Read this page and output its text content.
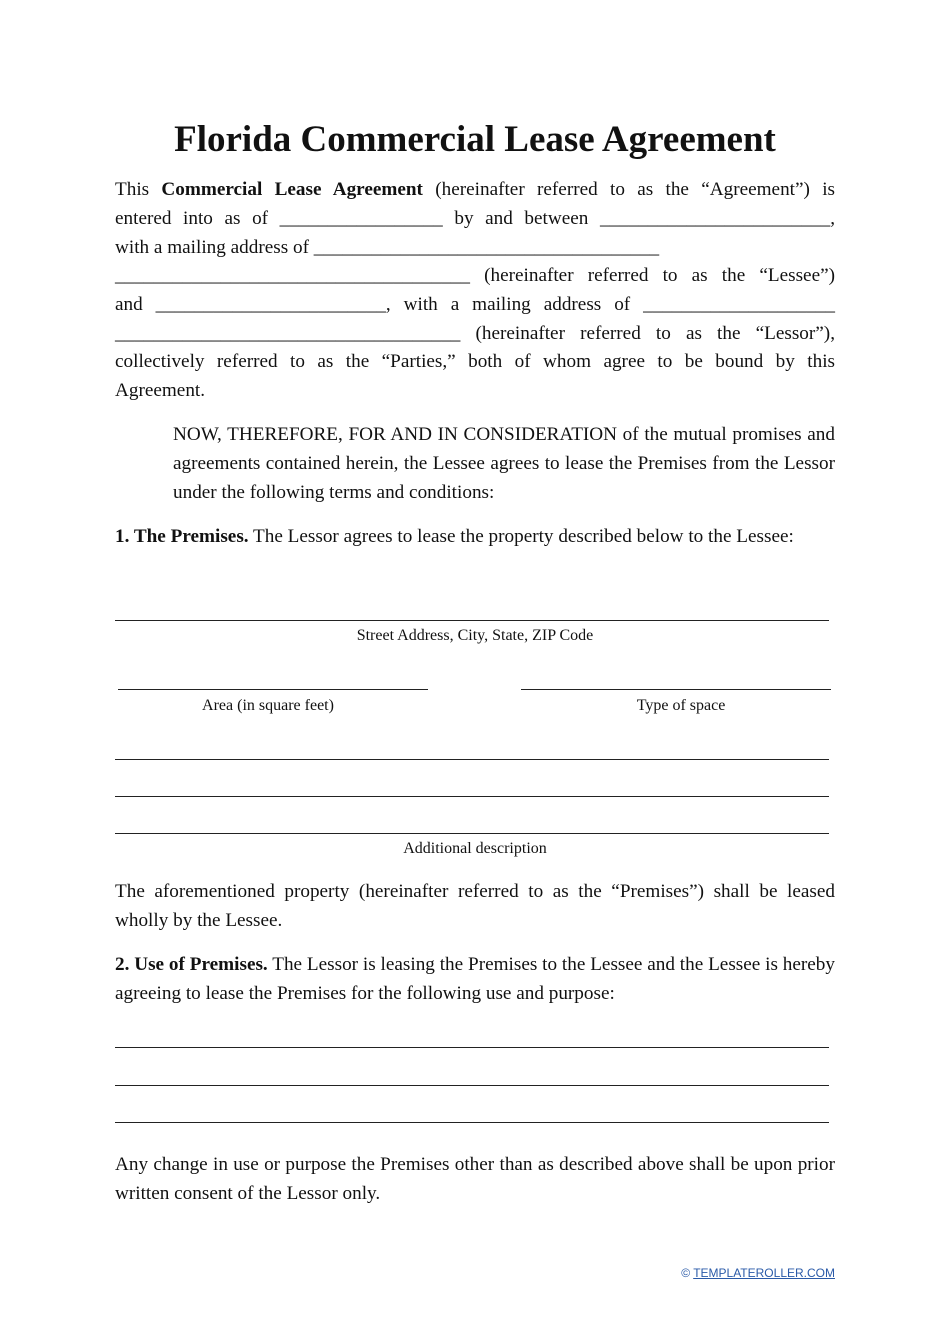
Florida Commercial Lease Agreement
This Commercial Lease Agreement (hereinafter referred to as the “Agreement”) is
entered into as of _________________ by and between ________________________,
with a mailing address of ____________________________________
_____________________________________ (hereinafter referred to as the “Lessee”)
and ________________________, with a mailing address of ____________________
____________________________________ (hereinafter referred to as the “Lessor”),
collectively referred to as the “Parties,” both of whom agree to be bound by this
Agreement.

NOW, THEREFORE, FOR AND IN CONSIDERATION of the mutual promises and agreements contained herein, the Lessee agrees to lease the Premises from the Lessor under the following terms and conditions:

1. The Premises. The Lessor agrees to lease the property described below to the Lessee:

Street Address, City, State, ZIP Code
Area (in square feet)	Type of space
Additional description

The aforementioned property (hereinafter referred to as the “Premises”) shall be leased wholly by the Lessee.

2. Use of Premises. The Lessor is leasing the Premises to the Lessee and the Lessee is hereby agreeing to lease the Premises for the following use and purpose:

Any change in use or purpose the Premises other than as described above shall be upon prior written consent of the Lessor only.

© TEMPLATEROLLER.COM
